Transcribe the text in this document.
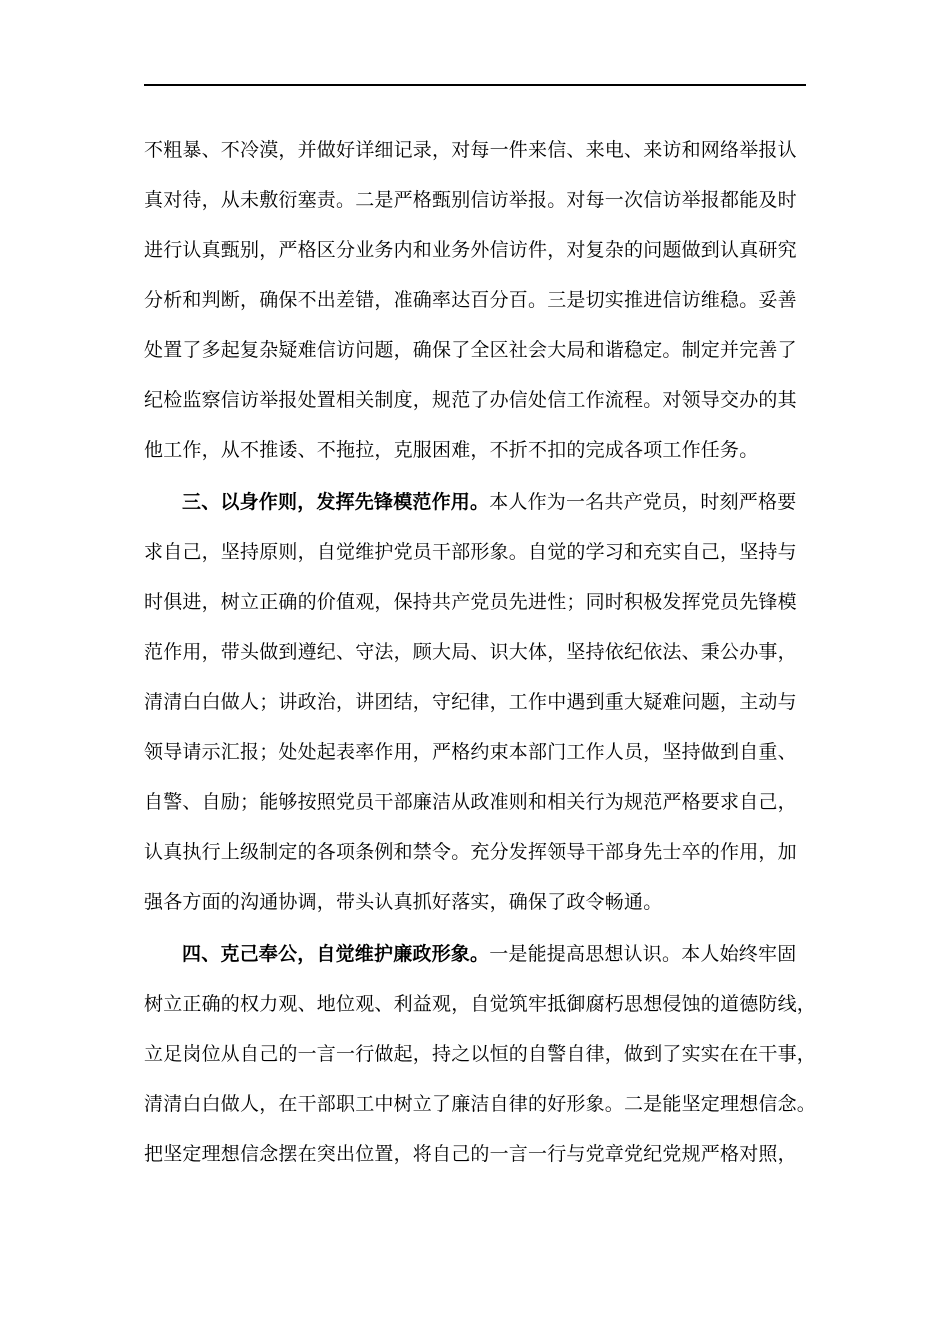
不粗暴、不冷漠，并做好详细记录，对每一件来信、来电、来访和网络举报认
真对待，从未敷衍塞责。二是严格甄别信访举报。对每一次信访举报都能及时
进行认真甄别，严格区分业务内和业务外信访件，对复杂的问题做到认真研究
分析和判断，确保不出差错，准确率达百分百。三是切实推进信访维稳。妥善
处置了多起复杂疑难信访问题，确保了全区社会大局和谐稳定。制定并完善了
纪检监察信访举报处置相关制度，规范了办信处信工作流程。对领导交办的其
他工作，从不推诿、不拖拉，克服困难，不折不扣的完成各项工作任务。
三、以身作则，发挥先锋模范作用。本人作为一名共产党员，时刻严格要
求自己，坚持原则，自觉维护党员干部形象。自觉的学习和充实自己，坚持与
时俱进，树立正确的价值观，保持共产党员先进性；同时积极发挥党员先锋模
范作用，带头做到遵纪、守法，顾大局、识大体，坚持依纪依法、秉公办事，
清清白白做人；讲政治，讲团结，守纪律，工作中遇到重大疑难问题，主动与
领导请示汇报；处处起表率作用，严格约束本部门工作人员，坚持做到自重、
自警、自励；能够按照党员干部廉洁从政准则和相关行为规范严格要求自己，
认真执行上级制定的各项条例和禁令。充分发挥领导干部身先士卒的作用，加
强各方面的沟通协调，带头认真抓好落实，确保了政令畅通。
四、克己奉公，自觉维护廉政形象。一是能提高思想认识。本人始终牢固
树立正确的权力观、地位观、利益观，自觉筑牢抵御腐朽思想侵蚀的道德防线，
立足岗位从自己的一言一行做起，持之以恒的自警自律，做到了实实在在干事，
清清白白做人，在干部职工中树立了廉洁自律的好形象。二是能坚定理想信念。
把坚定理想信念摆在突出位置，将自己的一言一行与党章党纪党规严格对照，
